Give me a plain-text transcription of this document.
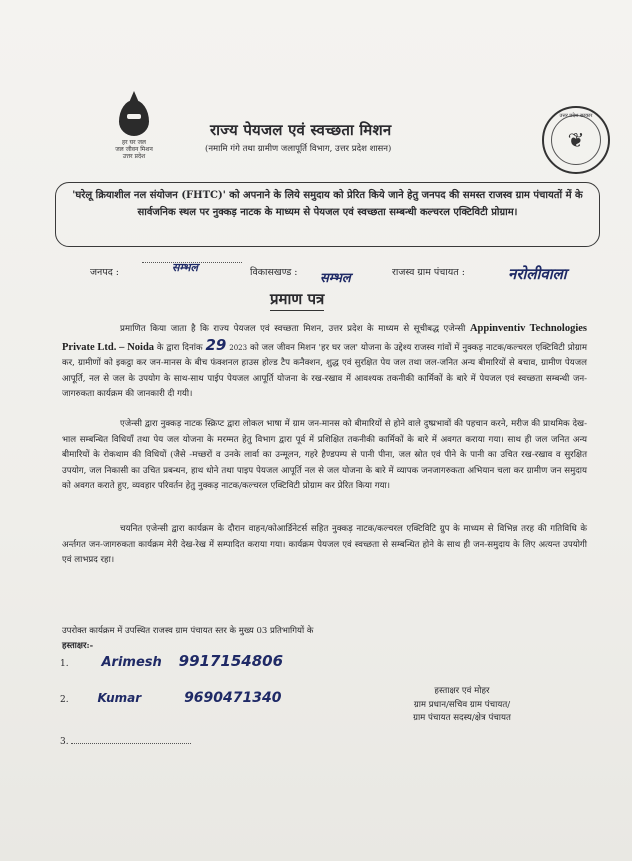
हर घर जल
जल जीवन मिशन
उत्तर प्रदेश
राज्य पेयजल एवं स्वच्छता मिशन
(नमामि गंगे तथा ग्रामीण जलापूर्ति विभाग, उत्तर प्रदेश शासन)
उत्तर प्रदेश सरकार
❦
'घरेलू क्रियाशील नल संयोजन (FHTC)' को अपनाने के लिये समुदाय को प्रेरित किये जाने हेतु जनपद की समस्त राजस्व ग्राम पंचायतों में के सार्वजनिक स्थल पर नुक्कड़ नाटक के माध्यम से पेयजल एवं स्वच्छता सम्बन्धी कल्चरल एक्टिविटी प्रोग्राम।
जनपद :	सम्भल	विकासखण्ड : सम्भल	राजस्व ग्राम पंचायत :	नरोलीवाला
प्रमाण पत्र
प्रमाणित किया जाता है कि राज्य पेयजल एवं स्वच्छता मिशन, उत्तर प्रदेश के माध्यम से सूचीबद्ध एजेन्सी Appinventiv Technologies Private Ltd. – Noida के द्वारा दिनांक 29 2023 को जल जीवन मिशन 'हर घर जल' योजना के उद्देश्य राजस्व गांवों में नुक्कड़ नाटक/कल्चरल एक्टिविटी प्रोग्राम कर, ग्रामीणों को इकट्ठा कर जन-मानस के बीच फंक्शनल हाउस होल्ड टैप कनैक्शन, शुद्ध एवं सुरक्षित पेय जल तथा जल-जनित अन्य बीमारियों से बचाव, ग्रामीण पेयजल आपूर्ति, नल से जल के उपयोग के साथ-साथ पाईप पेयजल आपूर्ति योजना के रख-रखाव में आवश्यक तकनीकी कार्मिकों के बारे में पेयजल एवं स्वच्छता सम्बन्धी जन-जागरुकता कार्यक्रम की जानकारी दी गयी।
एजेन्सी द्वारा नुक्कड़ नाटक स्क्रिप्ट द्वारा लोकल भाषा में ग्राम जन-मानस को बीमारियों से होने वाले दुष्प्रभावों की पहचान करने, मरीज की प्राथमिक देख-भाल सम्बन्धित विधियाँ तथा पेय जल योजना के मरम्मत हेतु विभाग द्वारा पूर्व में प्रशिक्षित तकनीकी कार्मिकों के बारे में अवगत कराया गया। साथ ही जल जनित अन्य बीमारियों के रोकथाम की विधियों (जैसे -मच्छरों व उनके लार्वा का उन्मूलन, गहरे हैण्डपम्प से पानी पीना, जल स्रोत एवं पीने के पानी का उचित रख-रखाव व सुरक्षित उपयोग, जल निकासी का उचित प्रबन्धन, हाथ धोने तथा पाइप पेयजल आपूर्ति नल से जल योजना के बारे में व्यापक जनजागरुकता अभियान चला कर ग्रामीण जन समुदाय को अवगत कराते हुए, व्यवहार परिवर्तन हेतु नुक्कड़ नाटक/कल्चरल एक्टिविटी प्रोग्राम कर प्रेरित किया गया।
चयनित एजेन्सी द्वारा कार्यक्रम के दौरान वाहन/कोआर्डिनेटर्स सहित नुक्कड़ नाटक/कल्चरल एक्टिविटि ग्रुप के माध्यम से विभिन्न तरह की गतिविधि के अर्न्तगत जन-जागरुकता कार्यक्रम मेरी देख-रेख में सम्पादित कराया गया। कार्यक्रम पेयजल एवं स्वच्छता से सम्बन्धित होने के साथ ही जन-समुदाय के लिए अत्यन्त उपयोगी एवं लाभप्रद रहा।
उपरोक्त कार्यक्रम में उपस्थित राजस्व ग्राम पंचायत स्तर के मुख्य 03 प्रतिभागियों के
हस्ताक्षर:-
1.	Arimesh 9917154806
2. Kumar	9690471340
3.
हस्ताक्षर एवं मोहर
ग्राम प्रधान/सचिव ग्राम पंचायत/
ग्राम पंचायत सदस्य/क्षेत्र पंचायत
